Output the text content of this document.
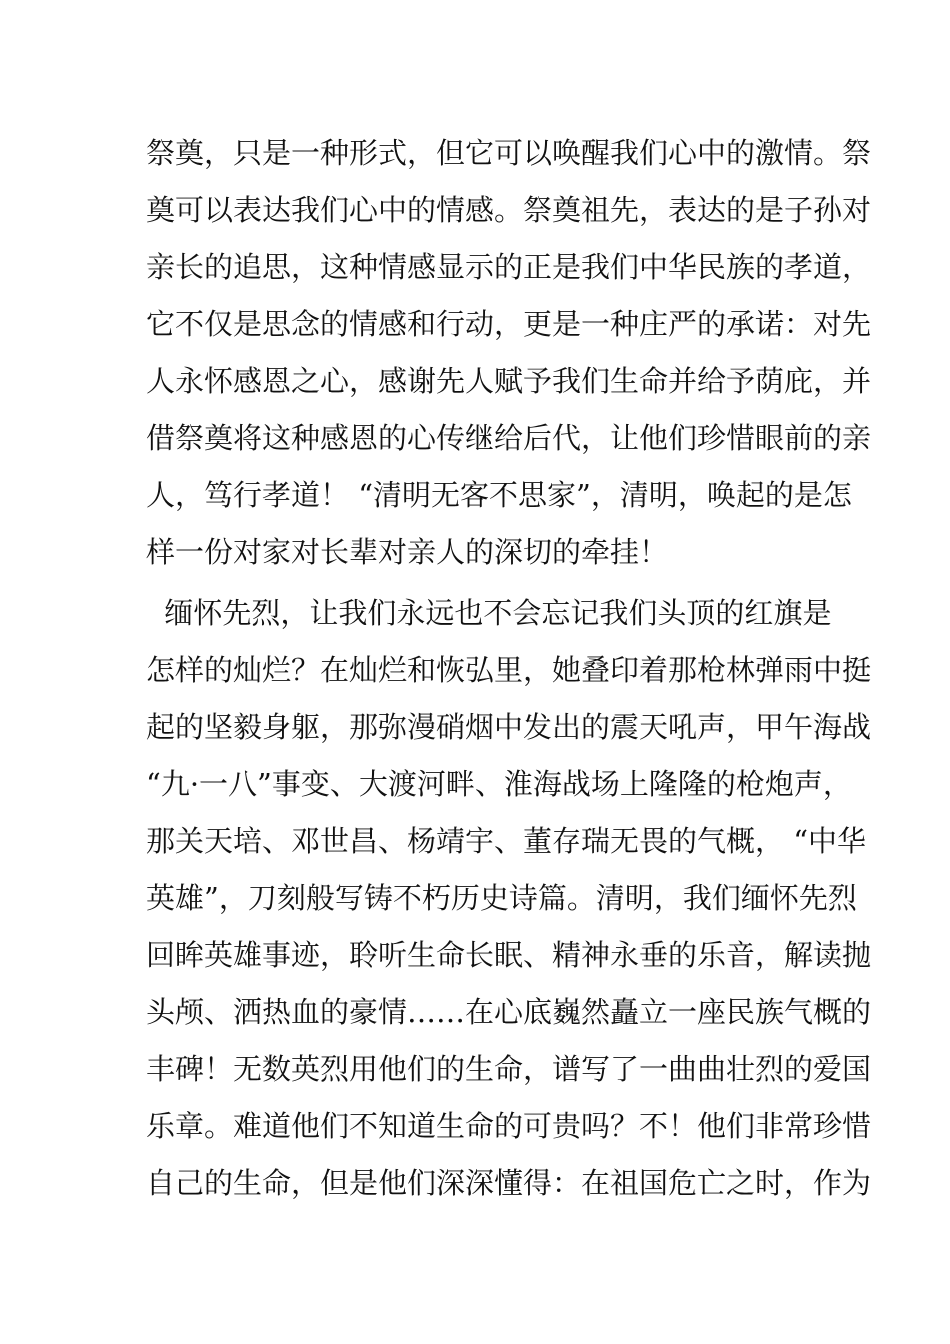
祭奠，只是一种形式，但它可以唤醒我们心中的激情。祭
奠可以表达我们心中的情感。祭奠祖先，表达的是子孙对
亲长的追思，这种情感显示的正是我们中华民族的孝道，
它不仅是思念的情感和行动，更是一种庄严的承诺：对先
人永怀感恩之心，感谢先人赋予我们生命并给予荫庇，并
借祭奠将这种感恩的心传继给后代，让他们珍惜眼前的亲
人，笃行孝道！ “清明无客不思家”，清明，唤起的是怎
样一份对家对长辈对亲人的深切的牵挂！
缅怀先烈，让我们永远也不会忘记我们头顶的红旗是
怎样的灿烂？在灿烂和恢弘里，她叠印着那枪林弹雨中挺
起的坚毅身躯，那弥漫硝烟中发出的震天吼声，甲午海战
“九·一八”事变、大渡河畔、淮海战场上隆隆的枪炮声，
那关天培、邓世昌、杨靖宇、董存瑞无畏的气概， “中华
英雄”，刀刻般写铸不朽历史诗篇。清明，我们缅怀先烈
回眸英雄事迹，聆听生命长眠、精神永垂的乐音，解读抛
头颅、洒热血的豪情……在心底巍然矗立一座民族气概的
丰碑！无数英烈用他们的生命，谱写了一曲曲壮烈的爱国
乐章。难道他们不知道生命的可贵吗？不！他们非常珍惜
自己的生命，但是他们深深懂得：在祖国危亡之时，作为
